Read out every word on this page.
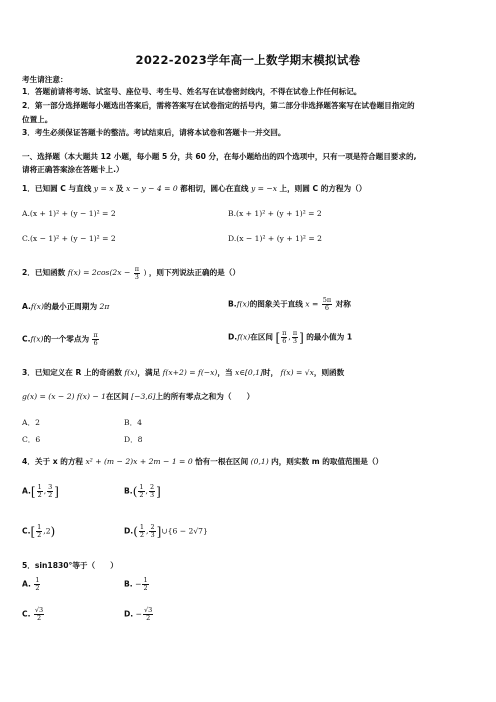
2022-2023学年高一上数学期末模拟试卷
考生请注意：
1．答题前请将考场、试室号、座位号、考生号、姓名写在试卷密封线内，不得在试卷上作任何标记。
2．第一部分选择题每小题选出答案后，需将答案写在试卷指定的括号内，第二部分非选择题答案写在试卷题目指定的
位置上。
3．考生必须保证答题卡的整洁。考试结束后，请将本试卷和答题卡一并交回。
一、选择题（本大题共 12 小题，每小题 5 分，共 60 分，在每小题给出的四个选项中，只有一项是符合题目要求的,
请将正确答案涂在答题卡上.）
1．已知圆 C 与直线 y = x 及 x − y − 4 = 0 都相切，圆心在直线 y = −x 上，则圆 C 的方程为（）
A.(x + 1)² + (y − 1)² = 2	B.(x + 1)² + (y + 1)² = 2
C.(x − 1)² + (y − 1)² = 2	D.(x − 1)² + (y + 1)² = 2
2．已知函数 $f(x) = 2\cos(2x - \frac{\pi}{3}$ ) ，则下列说法正确的是（）
A.f(x)的最小正周期为 2π	B.f(x)的图象关于直线 $x = \frac{5\pi}{6}$ 对称
C.f(x)的一个零点为 $\frac{\pi}{6}$	D.f(x)在区间 [ $\frac{\pi}{6}$ , $\frac{\pi}{3}$ ] 的最小值为 1
3．已知定义在 R 上的奇函数 f(x)，满足 f(x+2) = f(−x)，当 x∈[0,1]时， f(x) = √x，则函数
g(x) = (x − 2) f(x) − 1在区间 [−3,6]上的所有零点之和为（　　）
A．2	B．4
C．6	D．8
4．关于 x 的方程 x² + (m − 2)x + 2m − 1 = 0 恰有一根在区间 (0,1) 内，则实数 m 的取值范围是（）
$A.[ \frac{1}{2}$ , $\frac{3}{2}$ ]	$B.( \frac{1}{2}$ , $\frac{2}{3}$ ]
$C.[ \frac{1}{2} ,2)$	$D.( \frac{1}{2}$ , $\frac{2}{3}$ ]∪{6 − 2√7}
5．sin1830°等于（　　）
A. $\frac{1}{2}$	B. − $\frac{1}{2}$
C. $\frac{√3}{2}$	D. − $\frac{√3}{2}$
